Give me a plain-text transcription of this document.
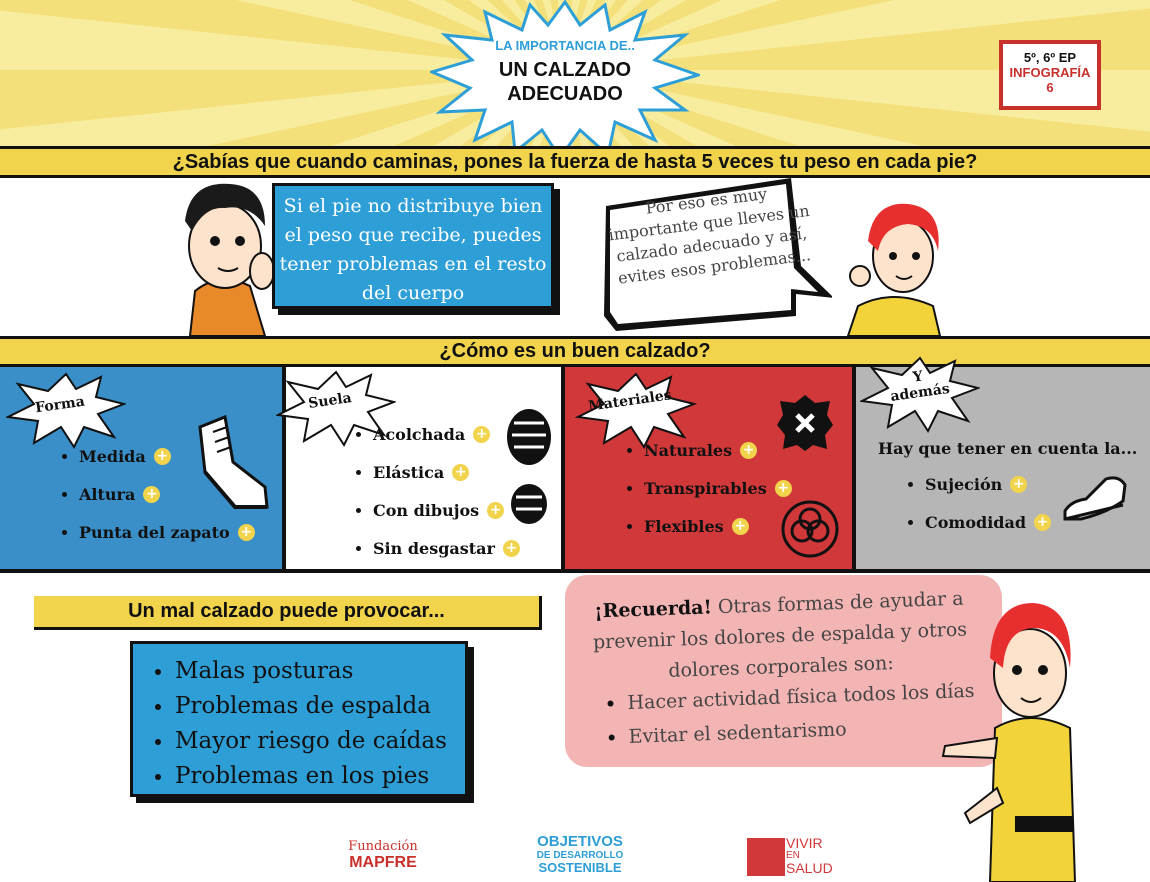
LA IMPORTANCIA DE..
UN CALZADO
ADECUADO
5º, 6º EP
INFOGRAFÍA
6
¿Sabías que cuando caminas, pones la fuerza de hasta 5 veces tu peso en cada pie?
Si el pie no distribuye bien el peso que recibe, puedes tener problemas en el resto del cuerpo
Por eso es muy importante que lleves un calzado adecuado y así, evites esos problemas...
¿Cómo es un buen calzado?
Forma
Medida +
Altura +
Punta del zapato +
Suela
Acolchada +
Elástica +
Con dibujos +
Sin desgastar +
Materiales
Naturales +
Transpirables +
Flexibles +
Y
además
Hay que tener en cuenta la...
Sujeción +
Comodidad +
Un mal calzado puede provocar...
Malas posturas
Problemas de espalda
Mayor riesgo de caídas
Problemas en los pies
¡Recuerda! Otras formas de ayudar a prevenir los dolores de espalda y otros dolores corporales son:
Hacer actividad física todos los días
Evitar el sedentarismo
Fundación
MAPFRE
OBJETIVOS
DE DESARROLLO
SOSTENIBLE
VIVIR
EN
SALUD
